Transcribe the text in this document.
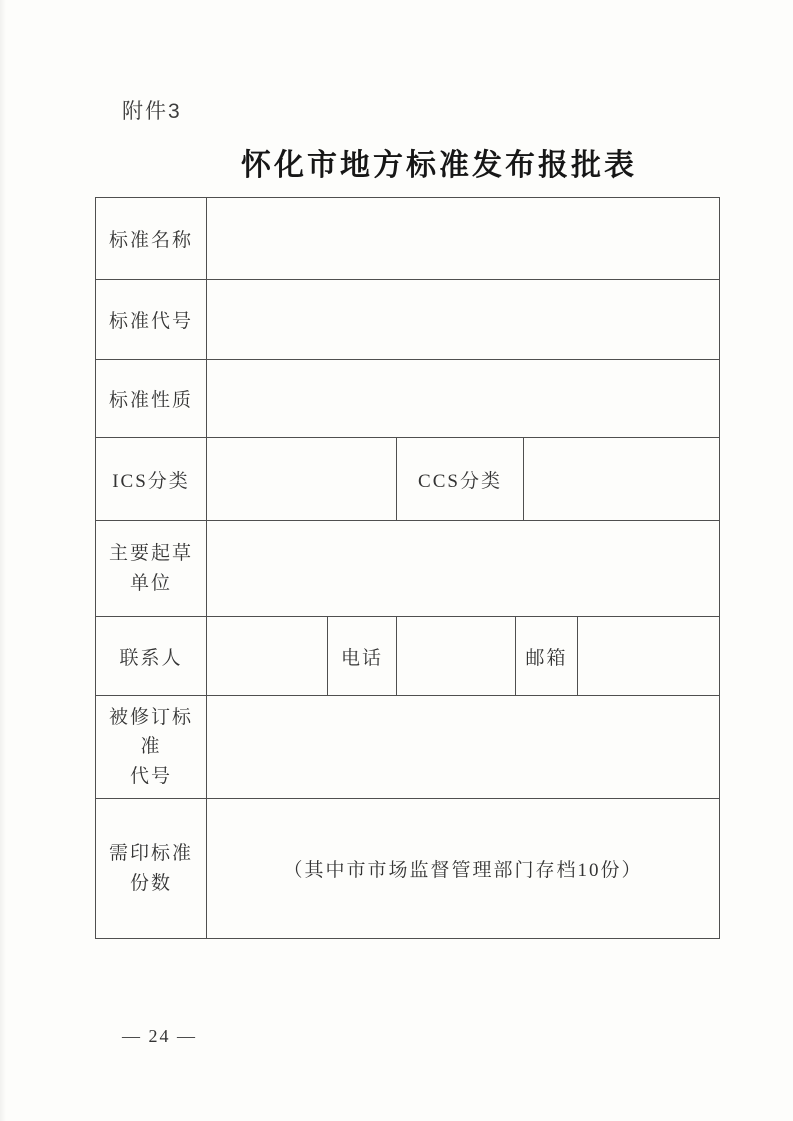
附件3
怀化市地方标准发布报批表
标准名称						
标准代号						
标准性质						
ICS分类			CCS分类			

主要起草
单位						

联系人		电话		邮箱		

被修订标准
代号						

需印标准
份数	（其中市市场监督管理部门存档10份）					
— 24 —
